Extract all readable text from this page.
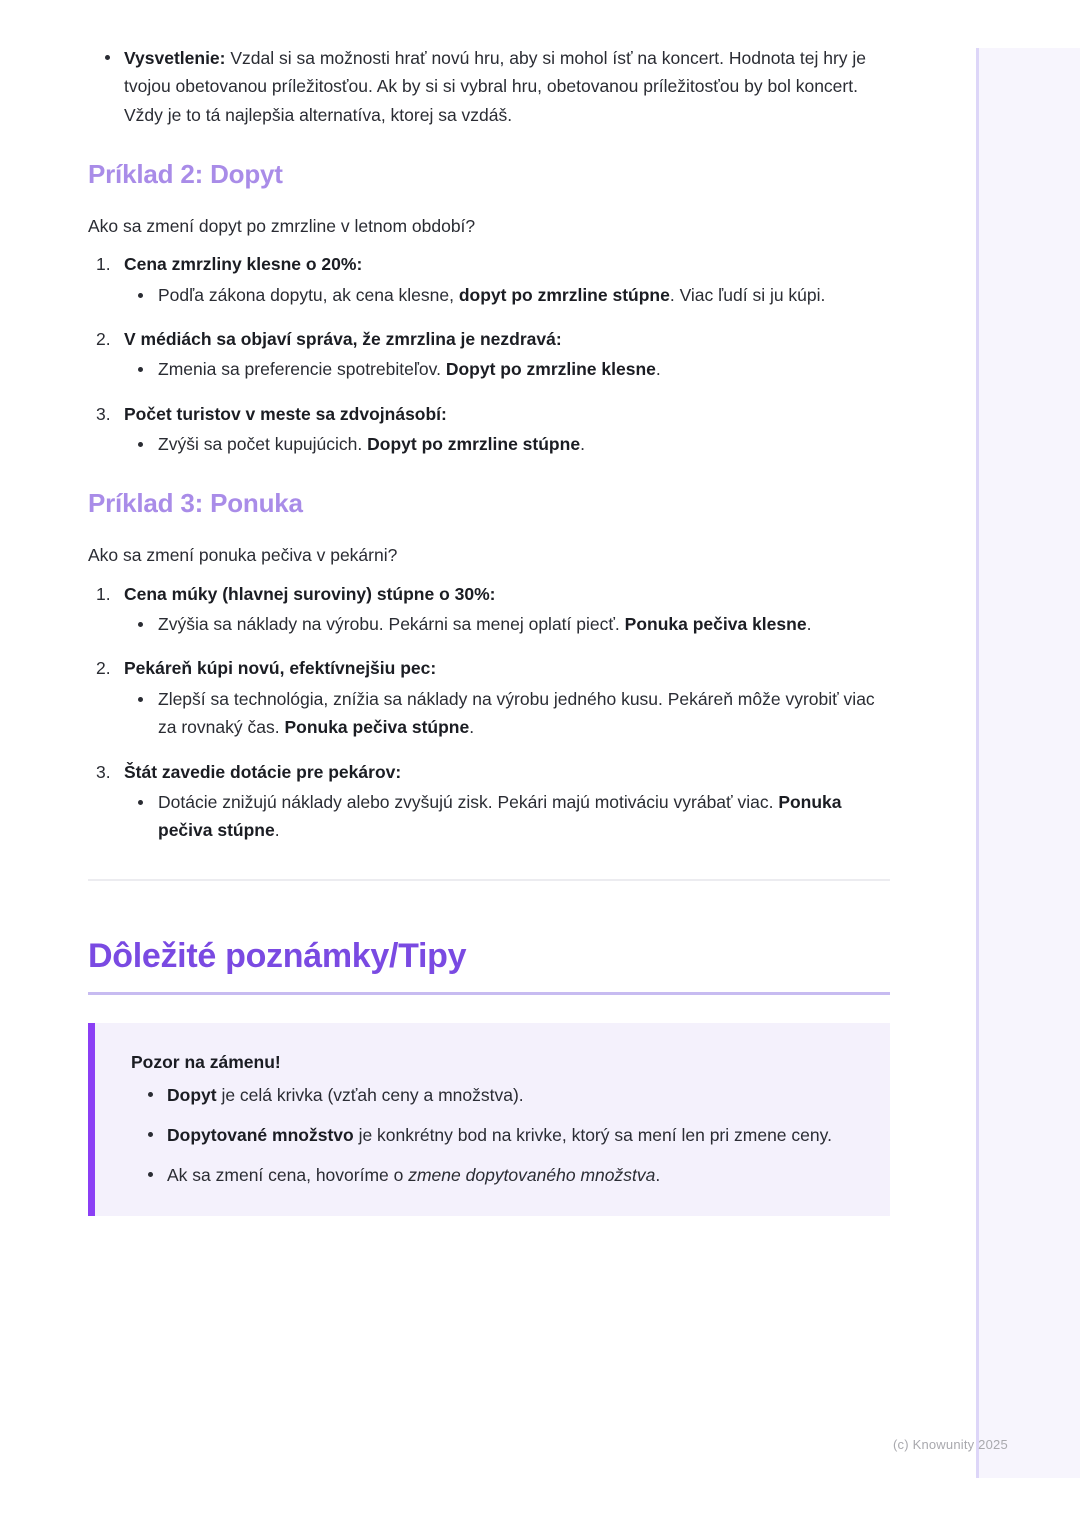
Vysvetlenie: Vzdal si sa možnosti hrať novú hru, aby si mohol ísť na koncert. Hodnota tej hry je tvojou obetovanou príležitosťou. Ak by si si vybral hru, obetovanou príležitosťou by bol koncert. Vždy je to tá najlepšia alternatíva, ktorej sa vzdáš.
Príklad 2: Dopyt

Ako sa zmení dopyt po zmrzline v letnom období?

Cena zmrzliny klesne o 20%:
Podľa zákona dopytu, ak cena klesne, dopyt po zmrzline stúpne. Viac ľudí si ju kúpi.
V médiách sa objaví správa, že zmrzlina je nezdravá:
Zmenia sa preferencie spotrebiteľov. Dopyt po zmrzline klesne.
Počet turistov v meste sa zdvojnásobí:
Zvýši sa počet kupujúcich. Dopyt po zmrzline stúpne.
Príklad 3: Ponuka

Ako sa zmení ponuka pečiva v pekárni?

Cena múky (hlavnej suroviny) stúpne o 30%:
Zvýšia sa náklady na výrobu. Pekárni sa menej oplatí piecť. Ponuka pečiva klesne.
Pekáreň kúpi novú, efektívnejšiu pec:
Zlepší sa technológia, znížia sa náklady na výrobu jedného kusu. Pekáreň môže vyrobiť viac za rovnaký čas. Ponuka pečiva stúpne.
Štát zavedie dotácie pre pekárov:
Dotácie znižujú náklady alebo zvyšujú zisk. Pekári majú motiváciu vyrábať viac. Ponuka pečiva stúpne.
Dôležité poznámky/Tipy
Pozor na zámenu!
Dopyt je celá krivka (vzťah ceny a množstva).
Dopytované množstvo je konkrétny bod na krivke, ktorý sa mení len pri zmene ceny.
Ak sa zmení cena, hovoríme o zmene dopytovaného množstva.
(c) Knowunity 2025
